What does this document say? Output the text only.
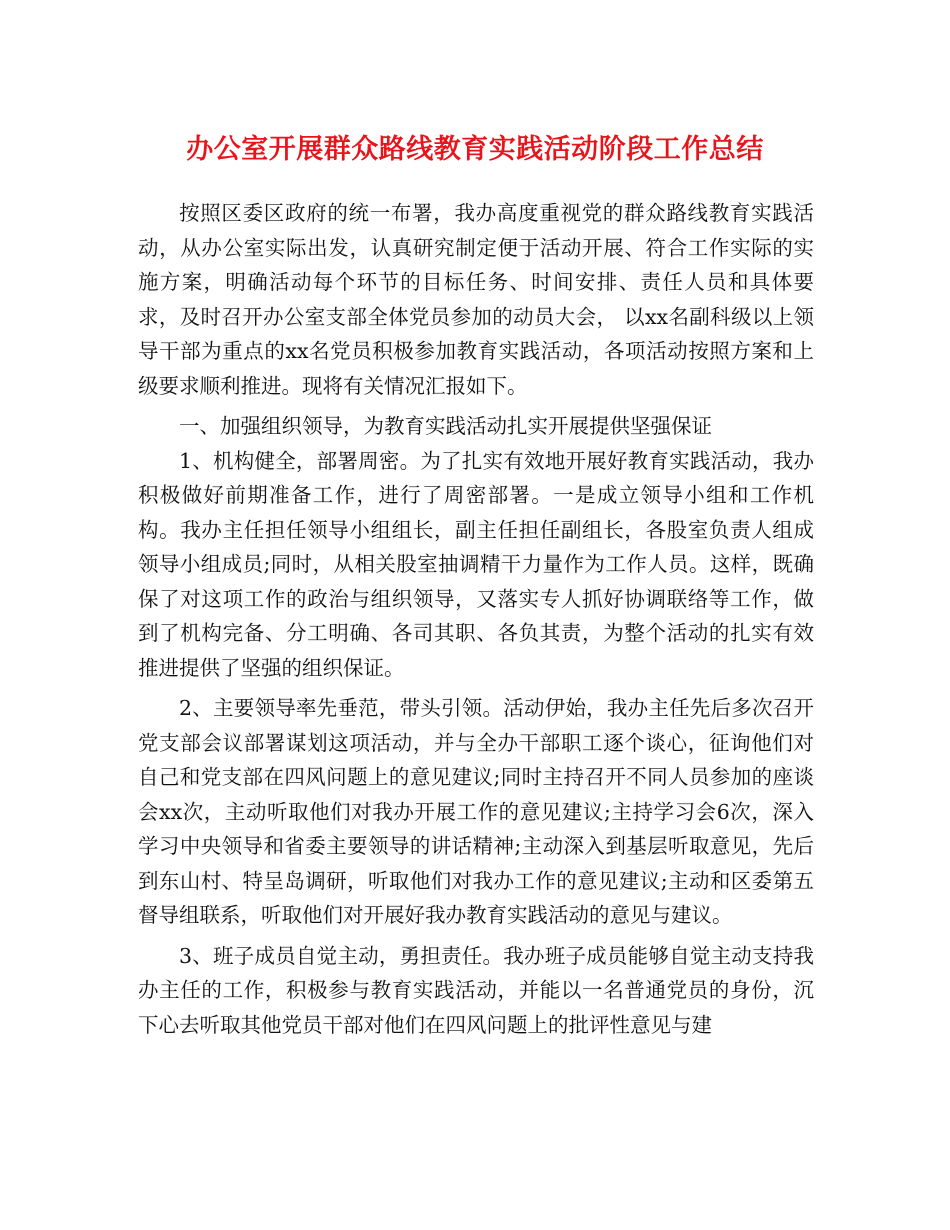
办公室开展群众路线教育实践活动阶段工作总结

按照区委区政府的统一布署，我办高度重视党的群众路线教育实践活动，从办公室实际出发，认真研究制定便于活动开展、符合工作实际的实施方案，明确活动每个环节的目标任务、时间安排、责任人员和具体要求，及时召开办公室支部全体党员参加的动员大会， 以xx名副科级以上领导干部为重点的xx名党员积极参加教育实践活动，各项活动按照方案和上级要求顺利推进。现将有关情况汇报如下。

一、加强组织领导，为教育实践活动扎实开展提供坚强保证

1、机构健全，部署周密。为了扎实有效地开展好教育实践活动，我办积极做好前期准备工作，进行了周密部署。一是成立领导小组和工作机构。我办主任担任领导小组组长，副主任担任副组长，各股室负责人组成领导小组成员;同时，从相关股室抽调精干力量作为工作人员。这样，既确保了对这项工作的政治与组织领导，又落实专人抓好协调联络等工作，做到了机构完备、分工明确、各司其职、各负其责，为整个活动的扎实有效推进提供了坚强的组织保证。

2、主要领导率先垂范，带头引领。活动伊始，我办主任先后多次召开党支部会议部署谋划这项活动，并与全办干部职工逐个谈心，征询他们对自己和党支部在四风问题上的意见建议;同时主持召开不同人员参加的座谈会xx次，主动听取他们对我办开展工作的意见建议;主持学习会6次，深入学习中央领导和省委主要领导的讲话精神;主动深入到基层听取意见，先后到东山村、特呈岛调研，听取他们对我办工作的意见建议;主动和区委第五督导组联系，听取他们对开展好我办教育实践活动的意见与建议。

3、班子成员自觉主动，勇担责任。我办班子成员能够自觉主动支持我办主任的工作，积极参与教育实践活动，并能以一名普通党员的身份，沉下心去听取其他党员干部对他们在四风问题上的批评性意见与建
